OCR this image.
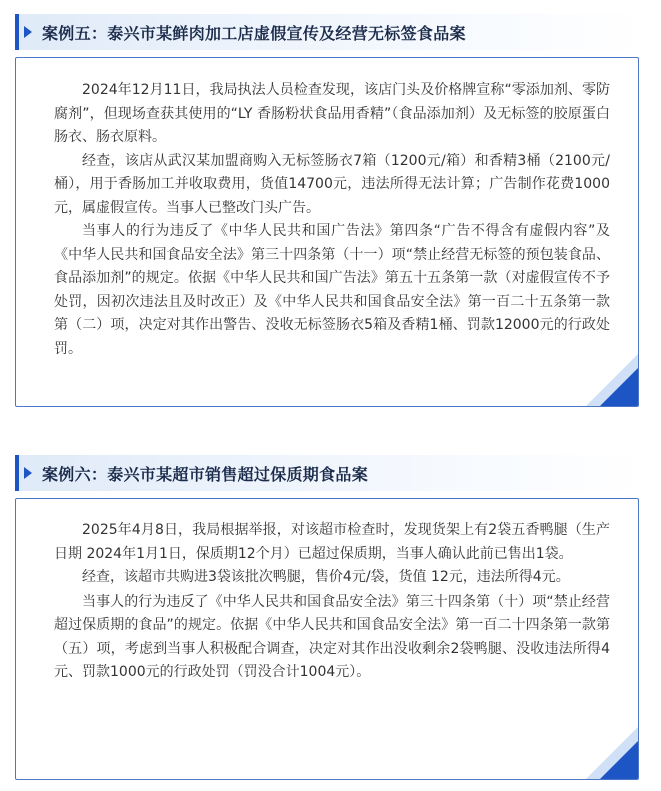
案例五：泰兴市某鲜肉加工店虚假宣传及经营无标签食品案

2024年12月11日，我局执法人员检查发现，该店门头及价格牌宣称“零添加剂、零防腐剂”，但现场查获其使用的“LY 香肠粉状食品用香精”（食品添加剂）及无标签的胶原蛋白肠衣、肠衣原料。

经查，该店从武汉某加盟商购入无标签肠衣7箱（1200元/箱）和香精3桶（2100元/桶），用于香肠加工并收取费用，货值14700元，违法所得无法计算；广告制作花费1000元，属虚假宣传。当事人已整改门头广告。

当事人的行为违反了《中华人民共和国广告法》第四条“广告不得含有虚假内容”及《中华人民共和国食品安全法》第三十四条第（十一）项“禁止经营无标签的预包装食品、食品添加剂”的规定。依据《中华人民共和国广告法》第五十五条第一款（对虚假宣传不予处罚，因初次违法且及时改正）及《中华人民共和国食品安全法》第一百二十五条第一款第（二）项，决定对其作出警告、没收无标签肠衣5箱及香精1桶、罚款12000元的行政处罚。

案例六：泰兴市某超市销售超过保质期食品案

2025年4月8日，我局根据举报，对该超市检查时，发现货架上有2袋五香鸭腿（生产日期 2024年1月1日，保质期12个月）已超过保质期，当事人确认此前已售出1袋。

经查，该超市共购进3袋该批次鸭腿，售价4元/袋，货值 12元，违法所得4元。

当事人的行为违反了《中华人民共和国食品安全法》第三十四条第（十）项“禁止经营超过保质期的食品”的规定。依据《中华人民共和国食品安全法》第一百二十四条第一款第（五）项，考虑到当事人积极配合调查，决定对其作出没收剩余2袋鸭腿、没收违法所得4元、罚款1000元的行政处罚（罚没合计1004元）。
